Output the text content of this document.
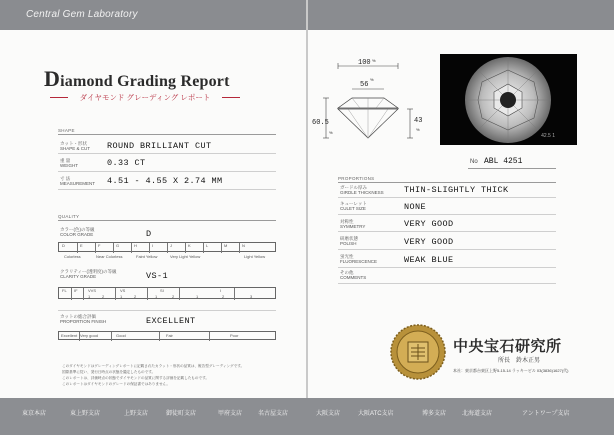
Central Gem Laboratory
Diamond Grading Report
ダイヤモンド グレーディング レポート
SHAPE
カット・形状
SHAPE & CUT	ROUND BRILLIANT CUT
重 量
WEIGHT	0.33 CT
寸 法
MEASUREMENT	4.51 - 4.55 X 2.74 MM
QUALITY
カラー(色)の等級
COLOR GRADE	D
D	E	F	G	H	I	J	K	L	M	N
Colorless	Near Colorless	Faint Yellow	Very Light Yellow	Light Yellow
クラリティー(透明度)の等級
CLARITY GRADE	VS-1
FL IF	VVS	VS	SI	I
1	2	1	2	1	2	1	2	3
カットの総合評価
PROPORTION FINISH	EXCELLENT
Excellent Very good	Good	Fair	Poor
このダイヤモンドはグレーディングレポートに記載されたカラット・形状の品質は、報告型グレーディングです。
国際基準に従い、発行日時点の状態を鑑定したものです。
このレポートは、評価時点の状態でダイヤモンドの品質に関する評価を記載したものです。
このレポートはダイヤモンドのグレードの保証書ではありません。
100 %
56
%
60.5
%
43
%
42.5 1
No ABL 4251
PROPORTIONS
ガードル厚み
GIRDLE THICKNESS	THIN-SLIGHTLY THICK
キューレット
CULET SIZE	NONE
対称性
SYMMETRY	VERY GOOD
研磨状態
POLISH	VERY GOOD
蛍光性
FLUORESCENCE	WEAK BLUE
その他
COMMENTS
中央宝石研究所
所長　鈴木正男
本社：東京都台東区上野5-15-14 ラッキービル 03(3836)1627(代)
東京本店	東上野支店	上野支店	御徒町支店	甲府支店	名古屋支店	大阪支店	大阪ATC支店	博多支店	北海道支店	アントワープ支店
